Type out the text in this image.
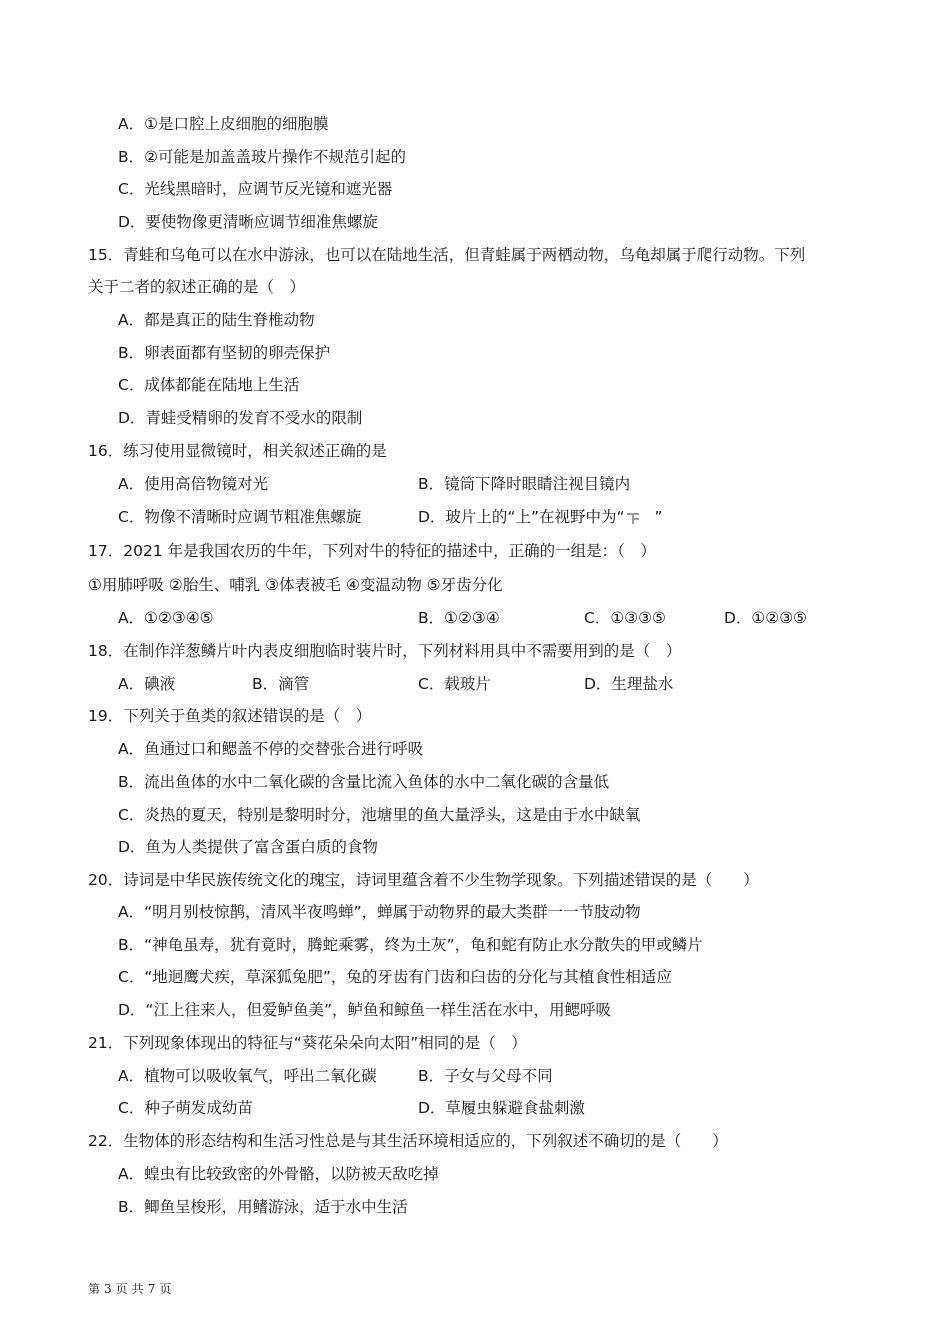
A．①是口腔上皮细胞的细胞膜
B．②可能是加盖盖玻片操作不规范引起的
C．光线黑暗时，应调节反光镜和遮光器
D．要使物像更清晰应调节细准焦螺旋
15．青蛙和乌龟可以在水中游泳，也可以在陆地生活，但青蛙属于两栖动物，乌龟却属于爬行动物。下列
关于二者的叙述正确的是（　）
A．都是真正的陆生脊椎动物
B．卵表面都有坚韧的卵壳保护
C．成体都能在陆地上生活
D．青蛙受精卵的发育不受水的限制
16．练习使用显微镜时，相关叙述正确的是
A．使用高倍物镜对光	B．镜筒下降时眼睛注视目镜内
C．物像不清晰时应调节粗准焦螺旋	D．玻片上的“上”在视野中为“ ”
17．2021 年是我国农历的牛年，下列对牛的特征的描述中，正确的一组是：（　）
①用肺呼吸 ②胎生、哺乳 ③体表被毛 ④变温动物 ⑤牙齿分化
A．①②③④⑤	B．①②③④	C．①③③⑤	D．①②③⑤
18．在制作洋葱鳞片叶内表皮细胞临时装片时，下列材料用具中不需要用到的是（　）
A．碘液	B．滴管	C．载玻片	D．生理盐水
19．下列关于鱼类的叙述错误的是（　）
A．鱼通过口和鳃盖不停的交替张合进行呼吸
B．流出鱼体的水中二氧化碳的含量比流入鱼体的水中二氧化碳的含量低
C．炎热的夏天，特别是黎明时分，池塘里的鱼大量浮头，这是由于水中缺氧
D．鱼为人类提供了富含蛋白质的食物
20．诗词是中华民族传统文化的瑰宝，诗词里蕴含着不少生物学现象。下列描述错误的是（　　）
A．“明月别枝惊鹊，清风半夜鸣蝉”，蝉属于动物界的最大类群一一节肢动物
B．“神龟虽寿，犹有竟时，腾蛇乘雾，终为土灰”，龟和蛇有防止水分散失的甲或鳞片
C．“地迥鹰犬疾，草深狐兔肥”，兔的牙齿有门齿和臼齿的分化与其植食性相适应
D．“江上往来人，但爱鲈鱼美”，鲈鱼和鲸鱼一样生活在水中，用鳃呼吸
21．下列现象体现出的特征与“葵花朵朵向太阳”相同的是（　）
A．植物可以吸收氧气，呼出二氧化碳	B．子女与父母不同
C．种子萌发成幼苗	D．草履虫躲避食盐刺激
22．生物体的形态结构和生活习性总是与其生活环境相适应的，下列叙述不确切的是（　　）
A．蝗虫有比较致密的外骨骼，以防被天敌吃掉
B．鲫鱼呈梭形，用鳍游泳，适于水中生活
第 3 页 共 7 页
